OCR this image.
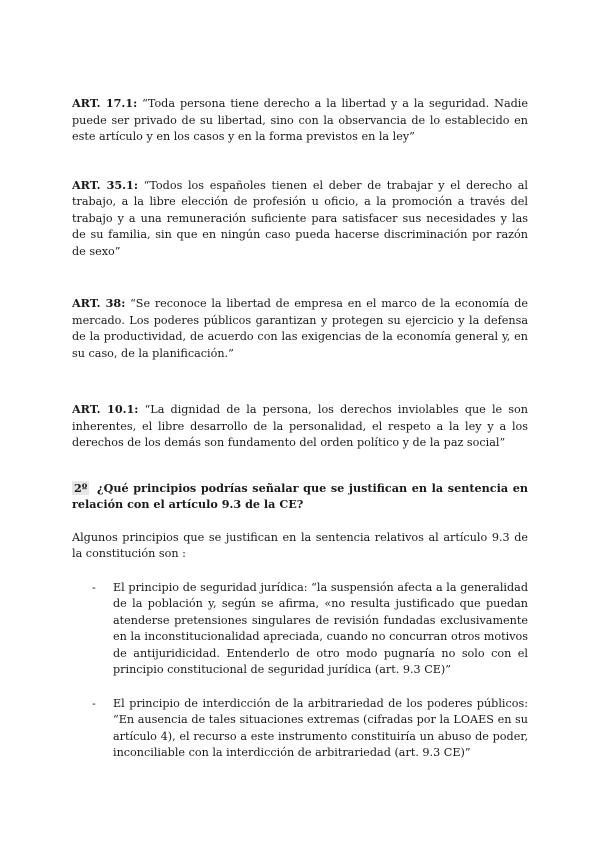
ART. 17.1: “Toda persona tiene derecho a la libertad y a la seguridad. Nadie puede ser privado de su libertad, sino con la observancia de lo establecido en este artículo y en los casos y en la forma previstos en la ley”

ART. 35.1: “Todos los españoles tienen el deber de trabajar y el derecho al trabajo, a la libre elección de profesión u oficio, a la promoción a través del trabajo y a una remuneración suficiente para satisfacer sus necesidades y las de su familia, sin que en ningún caso pueda hacerse discriminación por razón de sexo”

ART. 38: “Se reconoce la libertad de empresa en el marco de la economía de mercado. Los poderes públicos garantizan y protegen su ejercicio y la defensa de la productividad, de acuerdo con las exigencias de la economía general y, en su caso, de la planificación.”

ART. 10.1: “La dignidad de la persona, los derechos inviolables que le son inherentes, el libre desarrollo de la personalidad, el respeto a la ley y a los derechos de los demás son fundamento del orden político y de la paz social”

2º ¿Qué principios podrías señalar que se justifican en la sentencia en relación con el artículo 9.3 de la CE?

Algunos principios que se justifican en la sentencia relativos al artículo 9.3 de la constitución son :

- El principio de seguridad jurídica: “la suspensión afecta a la generalidad de la población y, según se afirma, «no resulta justificado que puedan atenderse pretensiones singulares de revisión fundadas exclusivamente en la inconstitucionalidad apreciada, cuando no concurran otros motivos de antijuridicidad. Entenderlo de otro modo pugnaría no solo con el principio constitucional de seguridad jurídica (art. 9.3 CE)”
- El principio de interdicción de la arbitrariedad de los poderes públicos: “En ausencia de tales situaciones extremas (cifradas por la LOAES en su artículo 4), el recurso a este instrumento constituiría un abuso de poder, inconciliable con la interdicción de arbitrariedad (art. 9.3 CE)”
